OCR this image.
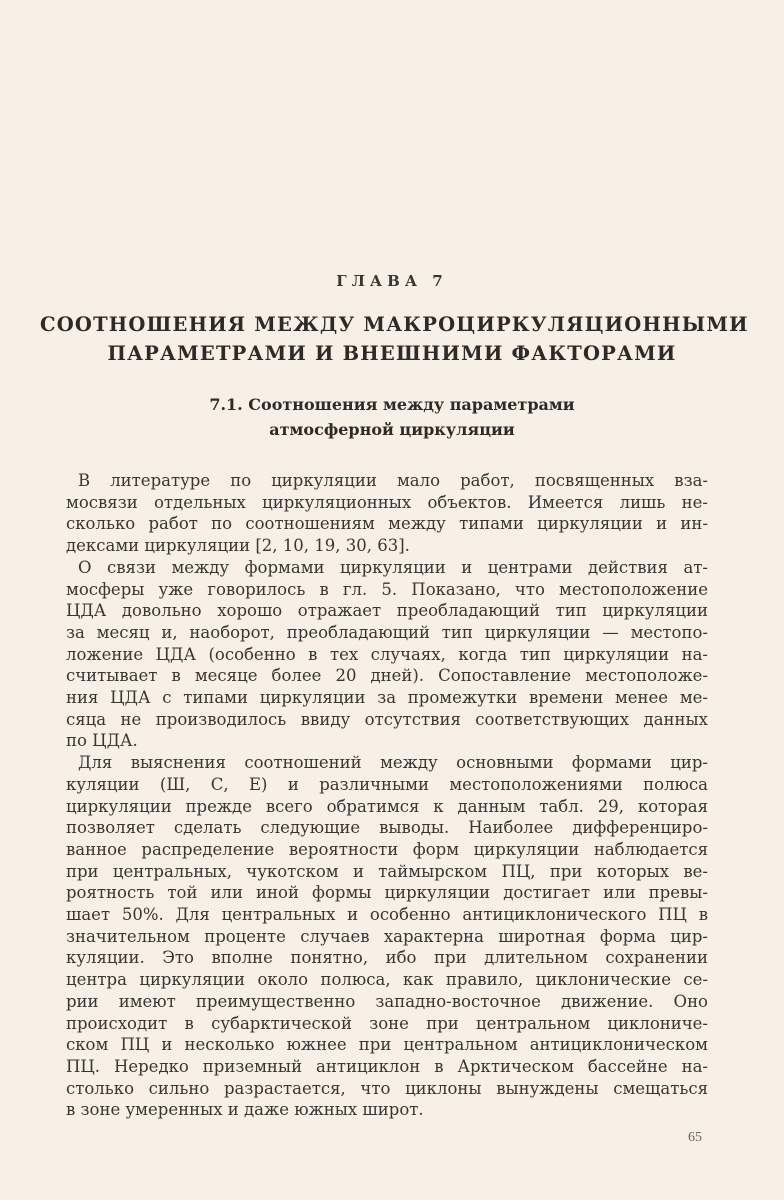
ГЛАВА 7
СООТНОШЕНИЯ МЕЖДУ МАКРОЦИРКУЛЯЦИОННЫМИ
ПАРАМЕТРАМИ И ВНЕШНИМИ ФАКТОРАМИ
7.1. Соотношения между параметрами
атмосферной циркуляции
В литературе по циркуляции мало работ, посвященных вза-
мосвязи отдельных циркуляционных объектов. Имеется лишь не-
сколько работ по соотношениям между типами циркуляции и ин-
дексами циркуляции [2, 10, 19, 30, 63].
О связи между формами циркуляции и центрами действия ат-
мосферы уже говорилось в гл. 5. Показано, что местоположение
ЦДА довольно хорошо отражает преобладающий тип циркуляции
за месяц и, наоборот, преобладающий тип циркуляции — местопо-
ложение ЦДА (особенно в тех случаях, когда тип циркуляции на-
считывает в месяце более 20 дней). Сопоставление местоположе-
ния ЦДА с типами циркуляции за промежутки времени менее ме-
сяца не производилось ввиду отсутствия соответствующих данных
по ЦДА.
Для выяснения соотношений между основными формами цир-
куляции (Ш, С, Е) и различными местоположениями полюса
циркуляции прежде всего обратимся к данным табл. 29, которая
позволяет сделать следующие выводы. Наиболее дифференциро-
ванное распределение вероятности форм циркуляции наблюдается
при центральных, чукотском и таймырском ПЦ, при которых ве-
роятность той или иной формы циркуляции достигает или превы-
шает 50%. Для центральных и особенно антициклонического ПЦ в
значительном проценте случаев характерна широтная форма цир-
куляции. Это вполне понятно, ибо при длительном сохранении
центра циркуляции около полюса, как правило, циклонические се-
рии имеют преимущественно западно-восточное движение. Оно
происходит в субарктической зоне при центральном циклониче-
ском ПЦ и несколько южнее при центральном антициклоническом
ПЦ. Нередко приземный антициклон в Арктическом бассейне на-
столько сильно разрастается, что циклоны вынуждены смещаться
в зоне умеренных и даже южных широт.
65
